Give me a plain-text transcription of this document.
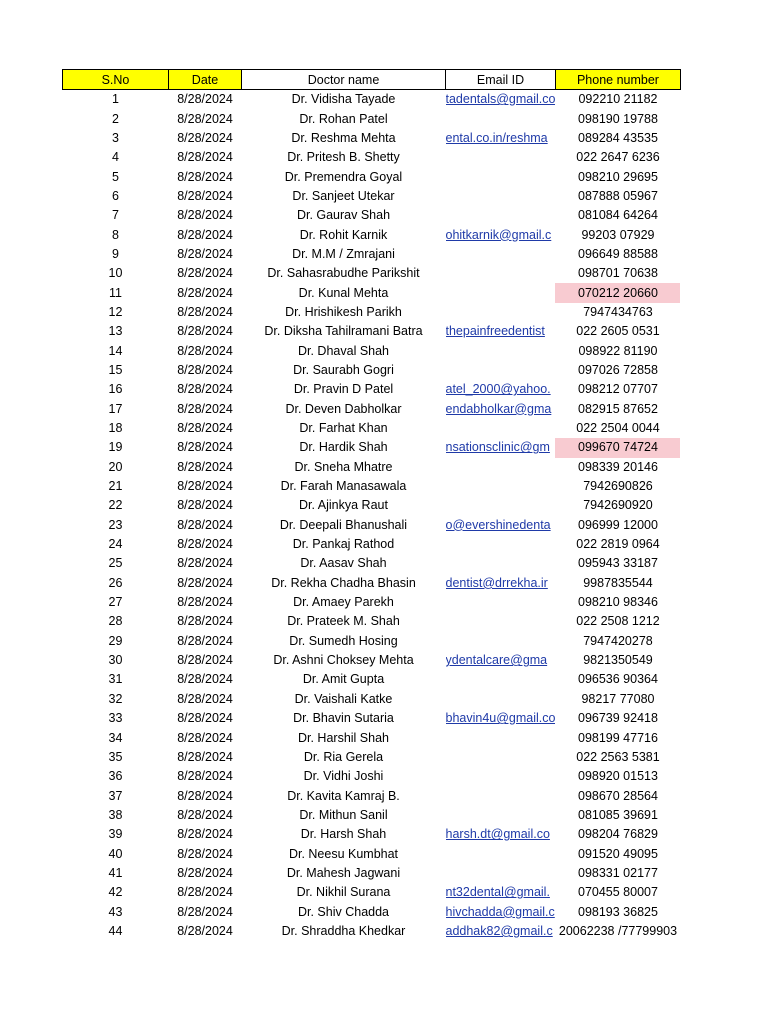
S.No	Date	Doctor name	Email ID	Phone number
1	8/28/2024	Dr. Vidisha Tayade	tadentals@gmail.co	092210 21182
2	8/28/2024	Dr. Rohan Patel		098190 19788
3	8/28/2024	Dr. Reshma Mehta	ental.co.in/reshma	089284 43535
4	8/28/2024	Dr. Pritesh B. Shetty		022 2647 6236
5	8/28/2024	Dr. Premendra Goyal		098210 29695
6	8/28/2024	Dr. Sanjeet Utekar		087888 05967
7	8/28/2024	Dr. Gaurav Shah		081084 64264
8	8/28/2024	Dr. Rohit Karnik	ohitkarnik@gmail.c	99203 07929
9	8/28/2024	Dr. M.M / Zmrajani		096649 88588
10	8/28/2024	Dr. Sahasrabudhe Parikshit		098701 70638
11	8/28/2024	Dr. Kunal Mehta		070212 20660
12	8/28/2024	Dr. Hrishikesh Parikh		7947434763
13	8/28/2024	Dr. Diksha Tahilramani Batra	thepainfreedentist	022 2605 0531
14	8/28/2024	Dr. Dhaval Shah		098922 81190
15	8/28/2024	Dr. Saurabh Gogri		097026 72858
16	8/28/2024	Dr. Pravin D Patel	atel_2000@yahoo.	098212 07707
17	8/28/2024	Dr. Deven Dabholkar	endabholkar@gma	082915 87652
18	8/28/2024	Dr. Farhat Khan		022 2504 0044
19	8/28/2024	Dr. Hardik Shah	nsationsclinic@gm	099670 74724
20	8/28/2024	Dr. Sneha Mhatre		098339 20146
21	8/28/2024	Dr. Farah Manasawala		7942690826
22	8/28/2024	Dr. Ajinkya Raut		7942690920
23	8/28/2024	Dr. Deepali Bhanushali	o@evershinedenta	096999 12000
24	8/28/2024	Dr. Pankaj Rathod		022 2819 0964
25	8/28/2024	Dr. Aasav Shah		095943 33187
26	8/28/2024	Dr. Rekha Chadha Bhasin	dentist@drrekha.ir	9987835544
27	8/28/2024	Dr. Amaey Parekh		098210 98346
28	8/28/2024	Dr. Prateek M. Shah		022 2508 1212
29	8/28/2024	Dr. Sumedh Hosing		7947420278
30	8/28/2024	Dr. Ashni Choksey Mehta	ydentalcare@gma	9821350549
31	8/28/2024	Dr. Amit Gupta		096536 90364
32	8/28/2024	Dr. Vaishali Katke		98217 77080
33	8/28/2024	Dr. Bhavin Sutaria	bhavin4u@gmail.co	096739 92418
34	8/28/2024	Dr. Harshil Shah		098199 47716
35	8/28/2024	Dr. Ria Gerela		022 2563 5381
36	8/28/2024	Dr. Vidhi Joshi		098920 01513
37	8/28/2024	Dr. Kavita Kamraj B.		098670 28564
38	8/28/2024	Dr. Mithun Sanil		081085 39691
39	8/28/2024	Dr. Harsh Shah	harsh.dt@gmail.co	098204 76829
40	8/28/2024	Dr. Neesu Kumbhat		091520 49095
41	8/28/2024	Dr. Mahesh Jagwani		098331 02177
42	8/28/2024	Dr. Nikhil Surana	nt32dental@gmail.	070455 80007
43	8/28/2024	Dr. Shiv Chadda	hivchadda@gmail.c	098193 36825
44	8/28/2024	Dr. Shraddha Khedkar	addhak82@gmail.c	20062238 /77799903
